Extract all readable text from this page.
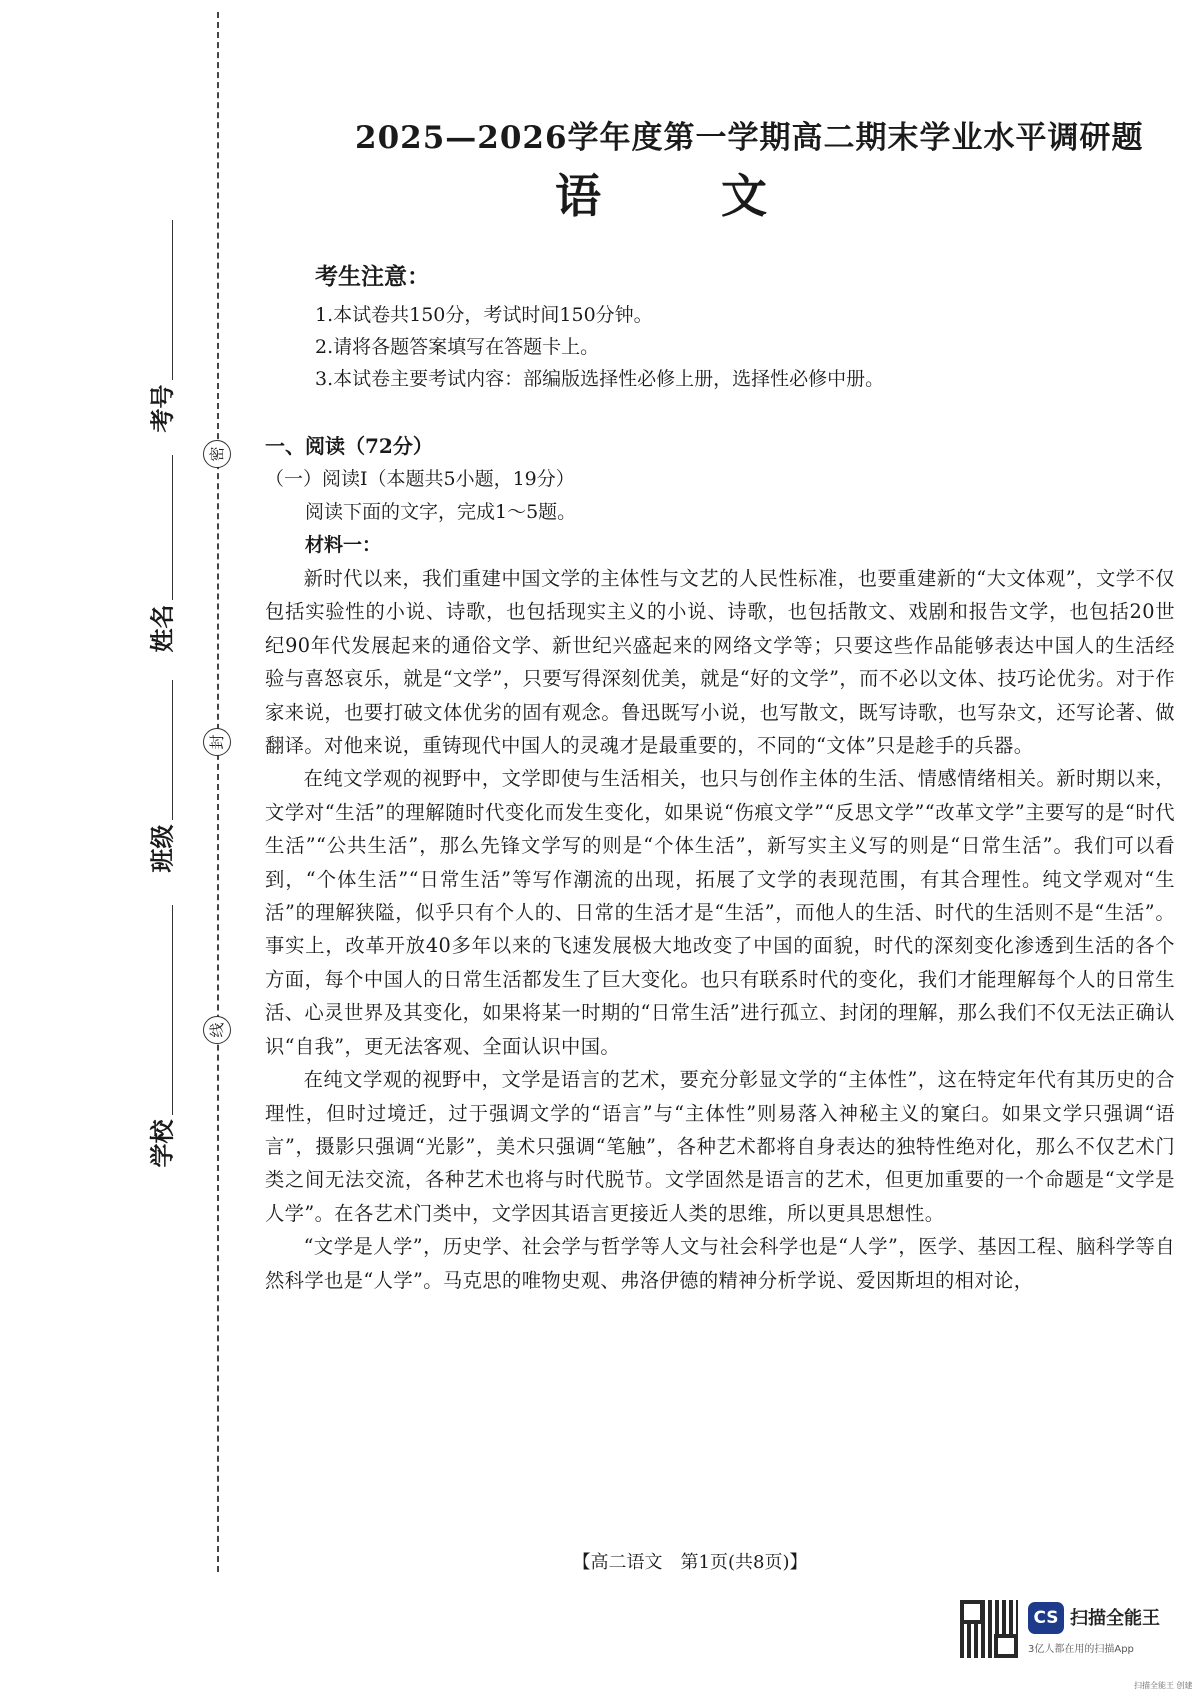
密
封
线
考号
姓名
班级
学校
2025—2026学年度第一学期高二期末学业水平调研题
语文
考生注意：
1.本试卷共150分，考试时间150分钟。
2.请将各题答案填写在答题卡上。
3.本试卷主要考试内容：部编版选择性必修上册，选择性必修中册。
一、阅读（72分）
（一）阅读Ⅰ（本题共5小题，19分）
阅读下面的文字，完成1～5题。
材料一：

新时代以来，我们重建中国文学的主体性与文艺的人民性标准，也要重建新的“大文体观”，文学不仅包括实验性的小说、诗歌，也包括现实主义的小说、诗歌，也包括散文、戏剧和报告文学，也包括20世纪90年代发展起来的通俗文学、新世纪兴盛起来的网络文学等；只要这些作品能够表达中国人的生活经验与喜怒哀乐，就是“文学”，只要写得深刻优美，就是“好的文学”，而不必以文体、技巧论优劣。对于作家来说，也要打破文体优劣的固有观念。鲁迅既写小说，也写散文，既写诗歌，也写杂文，还写论著、做翻译。对他来说，重铸现代中国人的灵魂才是最重要的，不同的“文体”只是趁手的兵器。

在纯文学观的视野中，文学即使与生活相关，也只与创作主体的生活、情感情绪相关。新时期以来，文学对“生活”的理解随时代变化而发生变化，如果说“伤痕文学”“反思文学”“改革文学”主要写的是“时代生活”“公共生活”，那么先锋文学写的则是“个体生活”，新写实主义写的则是“日常生活”。我们可以看到，“个体生活”“日常生活”等写作潮流的出现，拓展了文学的表现范围，有其合理性。纯文学观对“生活”的理解狭隘，似乎只有个人的、日常的生活才是“生活”，而他人的生活、时代的生活则不是“生活”。事实上，改革开放40多年以来的飞速发展极大地改变了中国的面貌，时代的深刻变化渗透到生活的各个方面，每个中国人的日常生活都发生了巨大变化。也只有联系时代的变化，我们才能理解每个人的日常生活、心灵世界及其变化，如果将某一时期的“日常生活”进行孤立、封闭的理解，那么我们不仅无法正确认识“自我”，更无法客观、全面认识中国。

在纯文学观的视野中，文学是语言的艺术，要充分彰显文学的“主体性”，这在特定年代有其历史的合理性，但时过境迁，过于强调文学的“语言”与“主体性”则易落入神秘主义的窠臼。如果文学只强调“语言”，摄影只强调“光影”，美术只强调“笔触”，各种艺术都将自身表达的独特性绝对化，那么不仅艺术门类之间无法交流，各种艺术也将与时代脱节。文学固然是语言的艺术，但更加重要的一个命题是“文学是人学”。在各艺术门类中，文学因其语言更接近人类的思维，所以更具思想性。

“文学是人学”，历史学、社会学与哲学等人文与社会科学也是“人学”，医学、基因工程、脑科学等自然科学也是“人学”。马克思的唯物史观、弗洛伊德的精神分析学说、爱因斯坦的相对论，

【高二语文　第1页(共8页)】
CS 扫描全能王
3亿人都在用的扫描App
扫描全能王 创建
